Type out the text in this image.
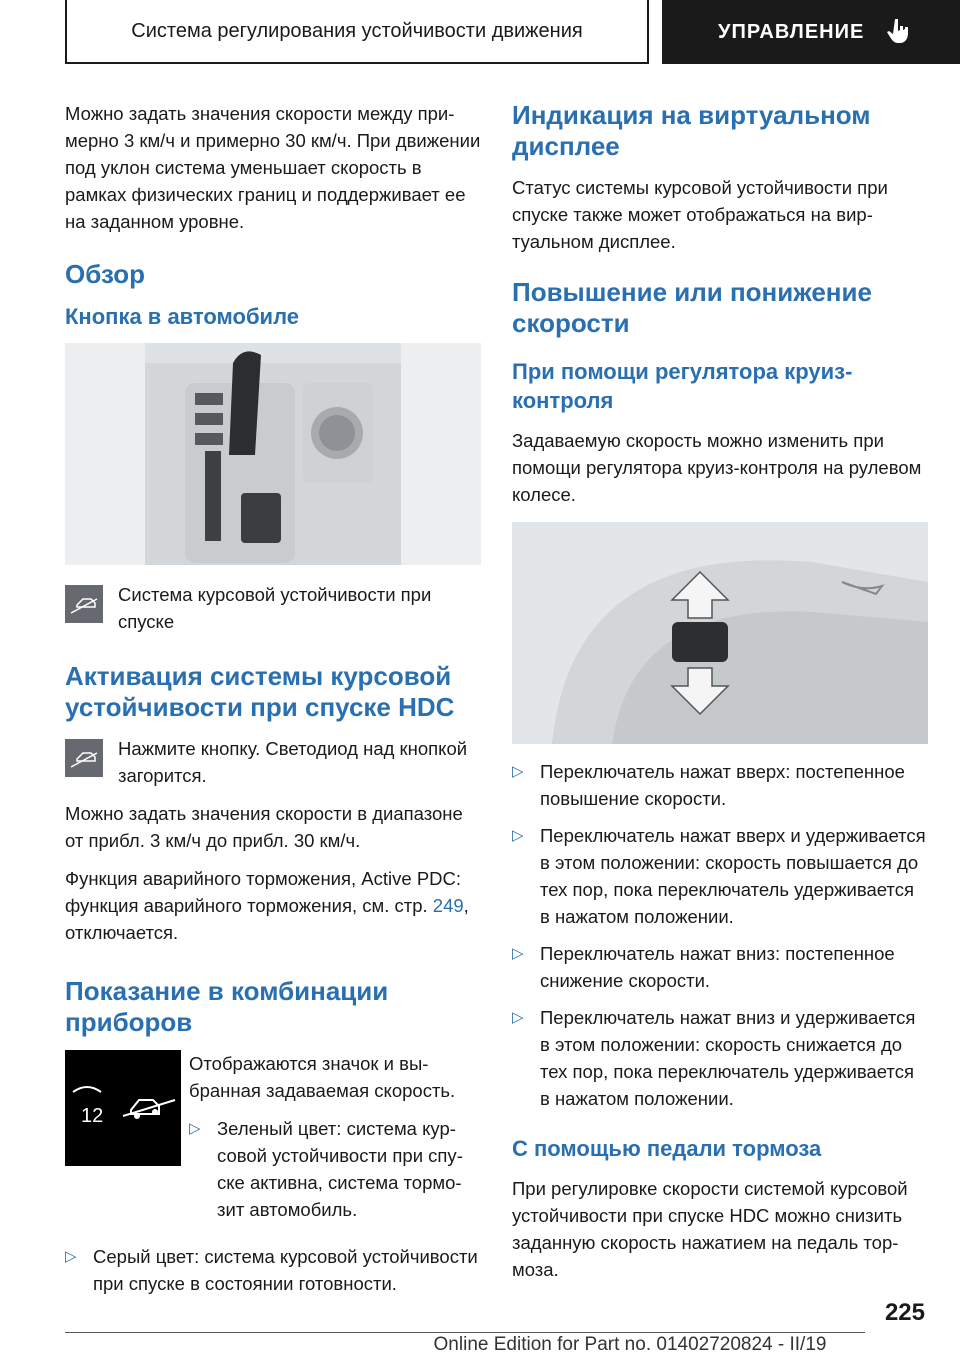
Система регулирования устойчивости движения	УПРАВЛЕНИЕ

Можно задать значения скорости между примерно 3 км/ч и примерно 30 км/ч. При движении под уклон система уменьшает скорость в рамках физических границ и поддерживает ее на заданном уровне.

Обзор
Кнопка в автомобиле

Система курсовой устойчивости при спуске

Активация системы курсовой устойчивости при спуске HDC

Нажмите кнопку. Светодиод над кнопкой загорится.

Можно задать значения скорости в диапазоне от прибл. 3 км/ч до прибл. 30 км/ч.

Функция аварийного торможения, Active PDC: функция аварийного торможения, см. стр. 249, отключается.

Показание в комбинации приборов
12

Отображаются значок и выбранная задаваемая скорость.

▷ Зеленый цвет: система курсовой устойчивости при спуске активна, система тормозит автомобиль.

▷ Серый цвет: система курсовой устойчивости при спуске в состоянии готовности.

Индикация на виртуальном дисплее

Статус системы курсовой устойчивости при спуске также может отображаться на виртуальном дисплее.

Повышение или понижение скорости
При помощи регулятора круиз-контроля

Задаваемую скорость можно изменить при помощи регулятора круиз-контроля на рулевом колесе.

▷ Переключатель нажат вверх: постепенное повышение скорости.

▷ Переключатель нажат вверх и удерживается в этом положении: скорость повышается до тех пор, пока переключатель удерживается в нажатом положении.

▷ Переключатель нажат вниз: постепенное снижение скорости.

▷ Переключатель нажат вниз и удерживается в этом положении: скорость снижается до тех пор, пока переключатель удерживается в нажатом положении.

С помощью педали тормоза

При регулировке скорости системой курсовой устойчивости при спуске HDC можно снизить заданную скорость нажатием на педаль тормоза.

225
Online Edition for Part no. 01402720824 - II/19
